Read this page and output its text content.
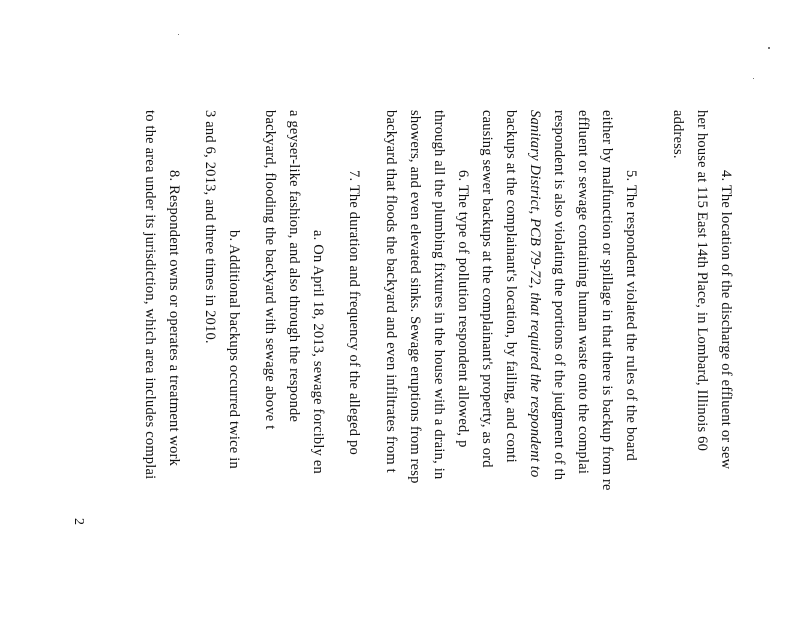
4. The location of the discharge of effluent or sew
her house at 115 East 14th Place, in Lombard, Illinois 60
address.
5. The respondent violated the rules of the board
either by malfunction or spillage in that there is backup from re
effluent or sewage containing human waste onto the complai
respondent is also violating the portions of the judgment of th
Sanitary District, PCB 79-72, that required the respondent to
backups at the complainant's location, by failing, and conti
causing sewer backups at the complainant's property, as ord
6. The type of pollution respondent allowed, p
through all the plumbing fixtures in the house with a drain, in
showers, and even elevated sinks. Sewage eruptions from resp
backyard that floods the backyard and even infiltrates from t
7. The duration and frequency of the alleged po
a. On April 18, 2013, sewage forcibly en
a geyser-like fashion, and also through the responde
backyard, flooding the backyard with sewage above t
b. Additional backups occurred twice in
3 and 6, 2013, and three times in 2010.
8. Respondent owns or operates a treatment work
to the area under its jurisdiction, which area includes complai
2
